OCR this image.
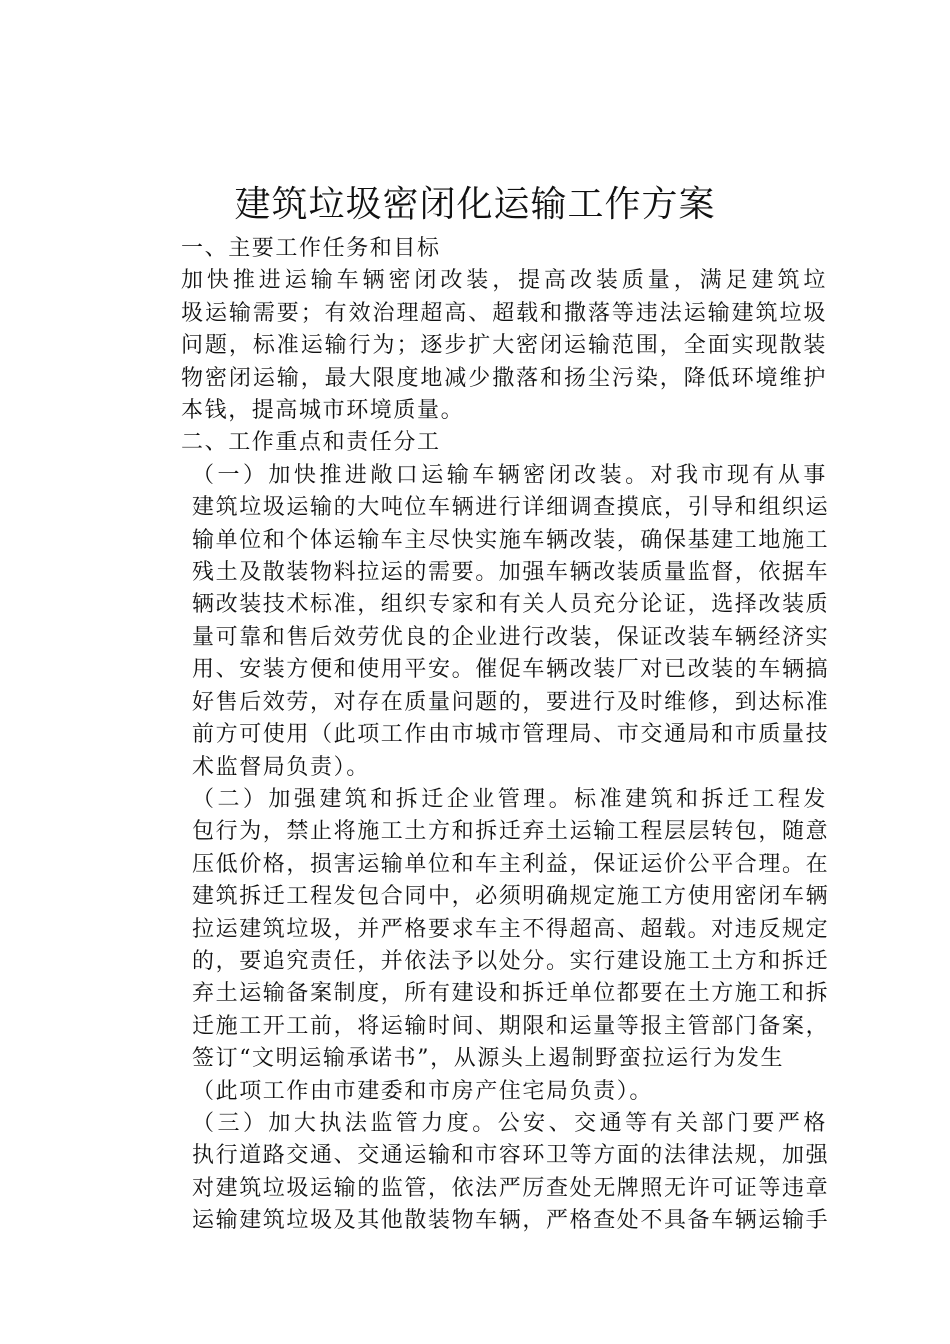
建筑垃圾密闭化运输工作方案

一、主要工作任务和目标

加快推进运输车辆密闭改装，提高改装质量，满足建筑垃
圾运输需要；有效治理超高、超载和撒落等违法运输建筑垃圾
问题，标准运输行为；逐步扩大密闭运输范围，全面实现散装
物密闭运输，最大限度地减少撒落和扬尘污染，降低环境维护
本钱，提高城市环境质量。

二、工作重点和责任分工

（一）加快推进敞口运输车辆密闭改装。对我市现有从事
建筑垃圾运输的大吨位车辆进行详细调查摸底，引导和组织运
输单位和个体运输车主尽快实施车辆改装，确保基建工地施工
残土及散装物料拉运的需要。加强车辆改装质量监督，依据车
辆改装技术标准，组织专家和有关人员充分论证，选择改装质
量可靠和售后效劳优良的企业进行改装，保证改装车辆经济实
用、安装方便和使用平安。催促车辆改装厂对已改装的车辆搞
好售后效劳，对存在质量问题的，要进行及时维修，到达标准
前方可使用（此项工作由市城市管理局、市交通局和市质量技
术监督局负责）。

（二）加强建筑和拆迁企业管理。标准建筑和拆迁工程发
包行为，禁止将施工土方和拆迁弃土运输工程层层转包，随意
压低价格，损害运输单位和车主利益，保证运价公平合理。在
建筑拆迁工程发包合同中，必须明确规定施工方使用密闭车辆
拉运建筑垃圾，并严格要求车主不得超高、超载。对违反规定
的，要追究责任，并依法予以处分。实行建设施工土方和拆迁
弃土运输备案制度，所有建设和拆迁单位都要在土方施工和拆
迁施工开工前，将运输时间、期限和运量等报主管部门备案，
签订“文明运输承诺书”，从源头上遏制野蛮拉运行为发生
（此项工作由市建委和市房产住宅局负责）。

（三）加大执法监管力度。公安、交通等有关部门要严格
执行道路交通、交通运输和市容环卫等方面的法律法规，加强
对建筑垃圾运输的监管，依法严厉查处无牌照无许可证等违章
运输建筑垃圾及其他散装物车辆，严格查处不具备车辆运输手
